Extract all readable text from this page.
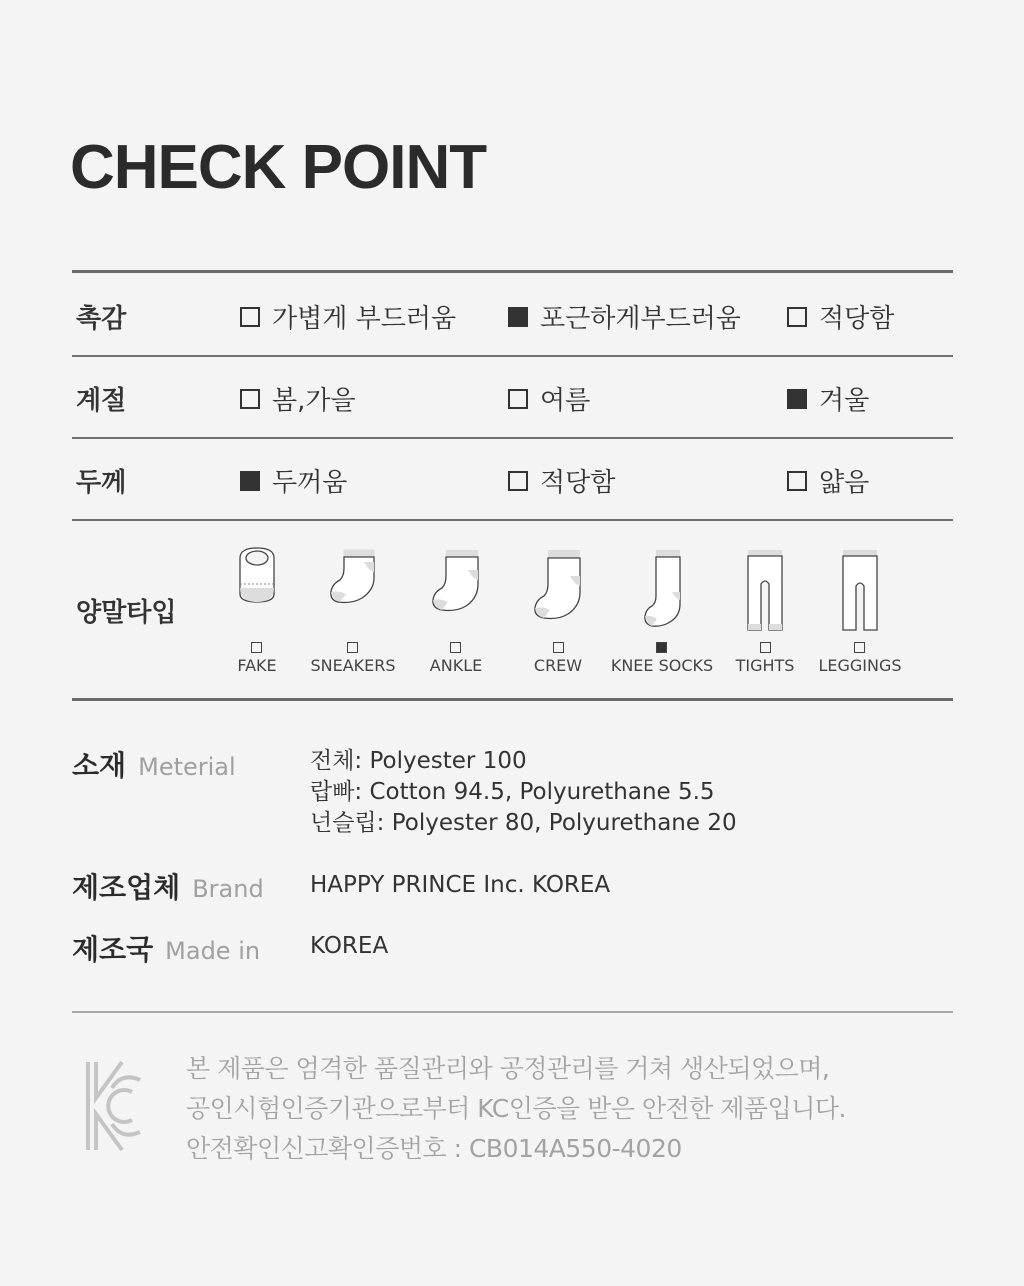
CHECK POINT
촉감	가볍게 부드러움	포근하게부드러움	적당함
계절	봄,가을	여름	겨울
두께	두꺼움	적당함	얇음
양말타입
FAKE SNEAKERS ANKLE	CREW KNEE SOCKS TIGHTS LEGGINGS
소재 Meterial	전체: Polyester 100
랍빠: Cotton 94.5, Polyurethane 5.5
넌슬립: Polyester 80, Polyurethane 20
제조업체 Brand HAPPY PRINCE Inc. KOREA
제조국 Made in KOREA
본 제품은 엄격한 품질관리와 공정관리를 거쳐 생산되었으며,
공인시험인증기관으로부터 KC인증을 받은 안전한 제품입니다.
안전확인신고확인증번호 : CB014A550-4020
